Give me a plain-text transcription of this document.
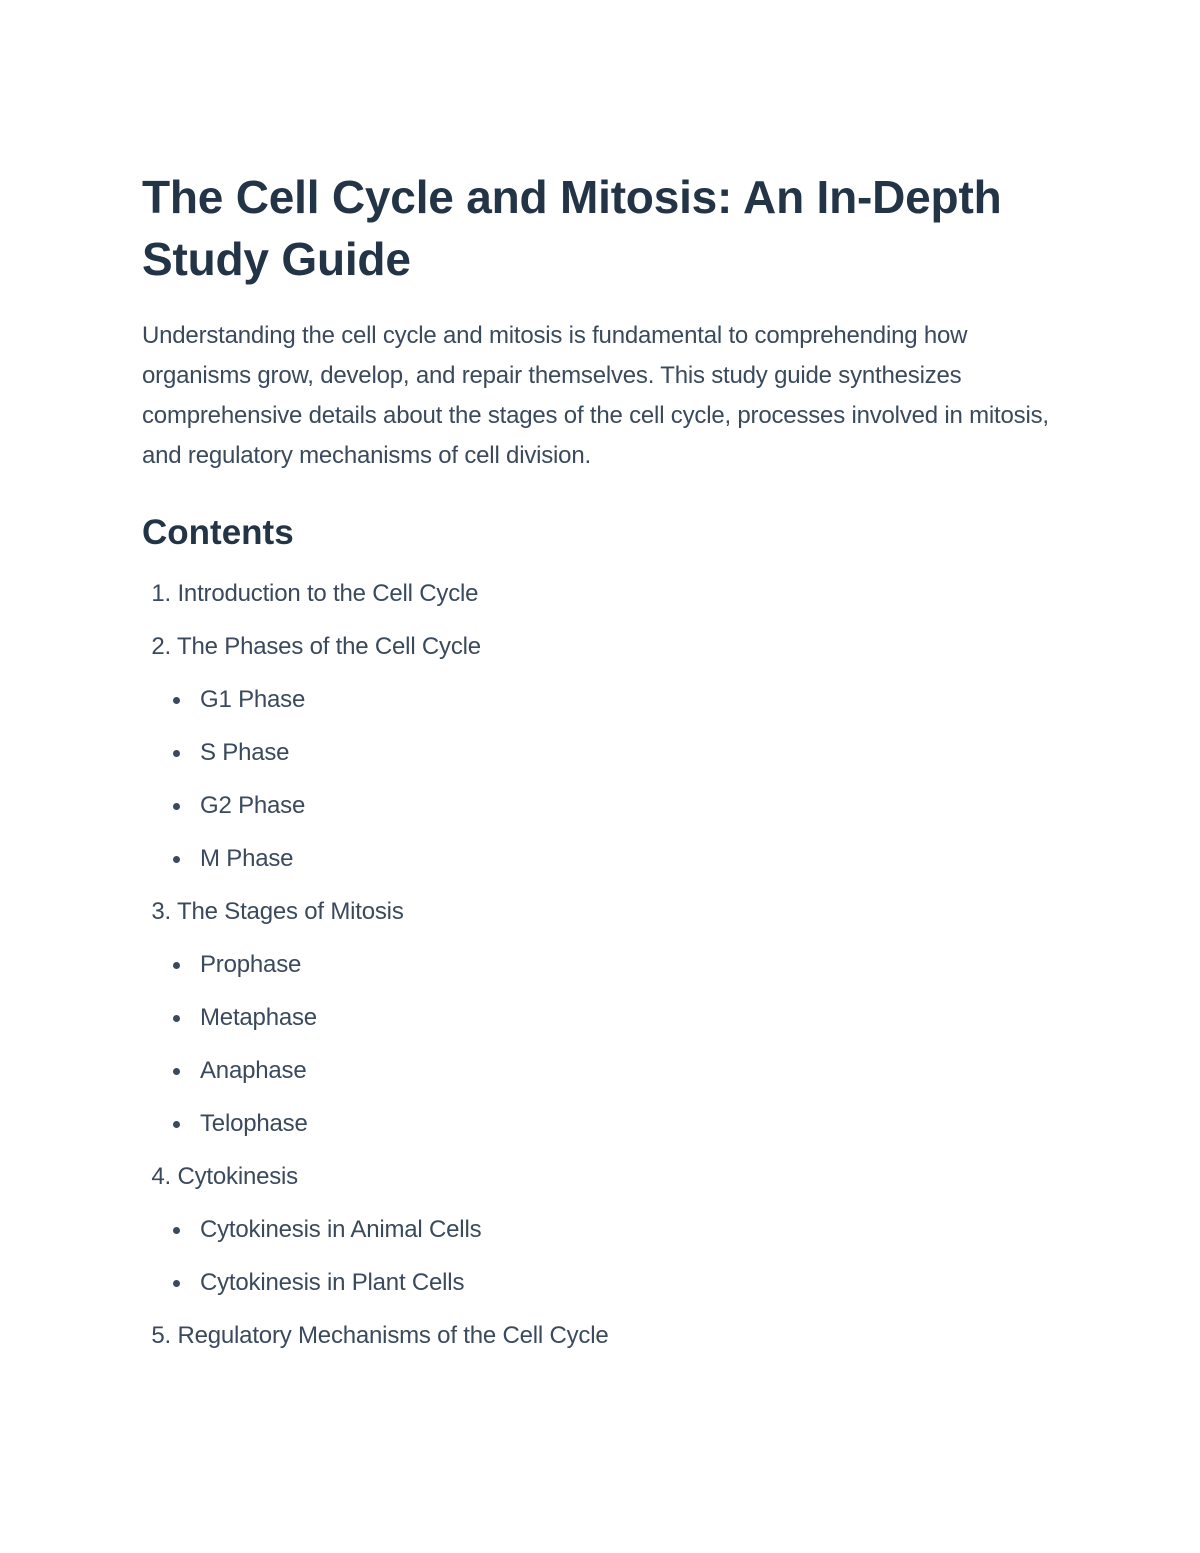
The Cell Cycle and Mitosis: An In-Depth Study Guide

Understanding the cell cycle and mitosis is fundamental to comprehending how organisms grow, develop, and repair themselves. This study guide synthesizes comprehensive details about the stages of the cell cycle, processes involved in mitosis, and regulatory mechanisms of cell division.

Contents
1. Introduction to the Cell Cycle
2. The Phases of the Cell Cycle
G1 Phase
S Phase
G2 Phase
M Phase
3. The Stages of Mitosis
Prophase
Metaphase
Anaphase
Telophase
4. Cytokinesis
Cytokinesis in Animal Cells
Cytokinesis in Plant Cells
5. Regulatory Mechanisms of the Cell Cycle
